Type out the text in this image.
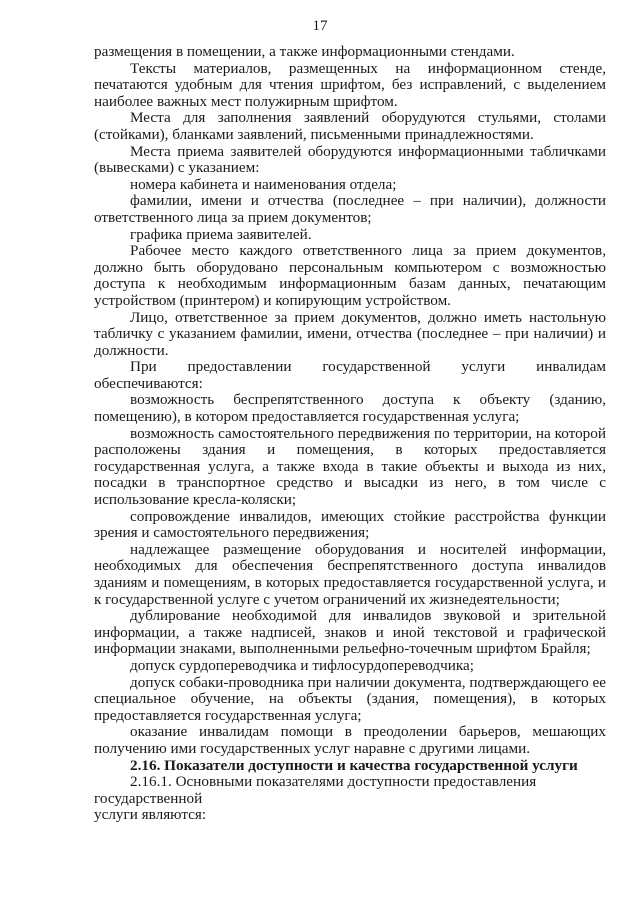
17

размещения в помещении, а также информационными стендами.

Тексты материалов, размещенных на информационном стенде, печатаются удобным для чтения шрифтом, без исправлений, с выделением наиболее важных мест полужирным шрифтом.

Места для заполнения заявлений оборудуются стульями, столами (стойками), бланками заявлений, письменными принадлежностями.

Места приема заявителей оборудуются информационными табличками (вывесками) с указанием:

номера кабинета и наименования отдела;

фамилии, имени и отчества (последнее – при наличии), должности ответственного лица за прием документов;

графика приема заявителей.

Рабочее место каждого ответственного лица за прием документов, должно быть оборудовано персональным компьютером с возможностью доступа к необходимым информационным базам данных, печатающим устройством (принтером) и копирующим устройством.

Лицо, ответственное за прием документов, должно иметь настольную табличку с указанием фамилии, имени, отчества (последнее – при наличии) и должности.

При предоставлении государственной услуги инвалидам обеспечиваются:

возможность беспрепятственного доступа к объекту (зданию, помещению), в котором предоставляется государственная услуга;

возможность самостоятельного передвижения по территории, на которой расположены здания и помещения, в которых предоставляется государственная услуга, а также входа в такие объекты и выхода из них, посадки в транспортное средство и высадки из него, в том числе с использование кресла-коляски;

сопровождение инвалидов, имеющих стойкие расстройства функции зрения и самостоятельного передвижения;

надлежащее размещение оборудования и носителей информации, необходимых для обеспечения беспрепятственного доступа инвалидов зданиям и помещениям, в которых предоставляется государственной услуга, и к государственной услуге с учетом ограничений их жизнедеятельности;

дублирование необходимой для инвалидов звуковой и зрительной информации, а также надписей, знаков и иной текстовой и графической информации знаками, выполненными рельефно-точечным шрифтом Брайля;

допуск сурдопереводчика и тифлосурдопереводчика;

допуск собаки-проводника при наличии документа, подтверждающего ее специальное обучение, на объекты (здания, помещения), в которых предоставляется государственная услуга;

оказание инвалидам помощи в преодолении барьеров, мешающих получению ими государственных услуг наравне с другими лицами.

2.16. Показатели доступности и качества государственной услуги

2.16.1. Основными показателями доступности предоставления государственной

услуги являются:
